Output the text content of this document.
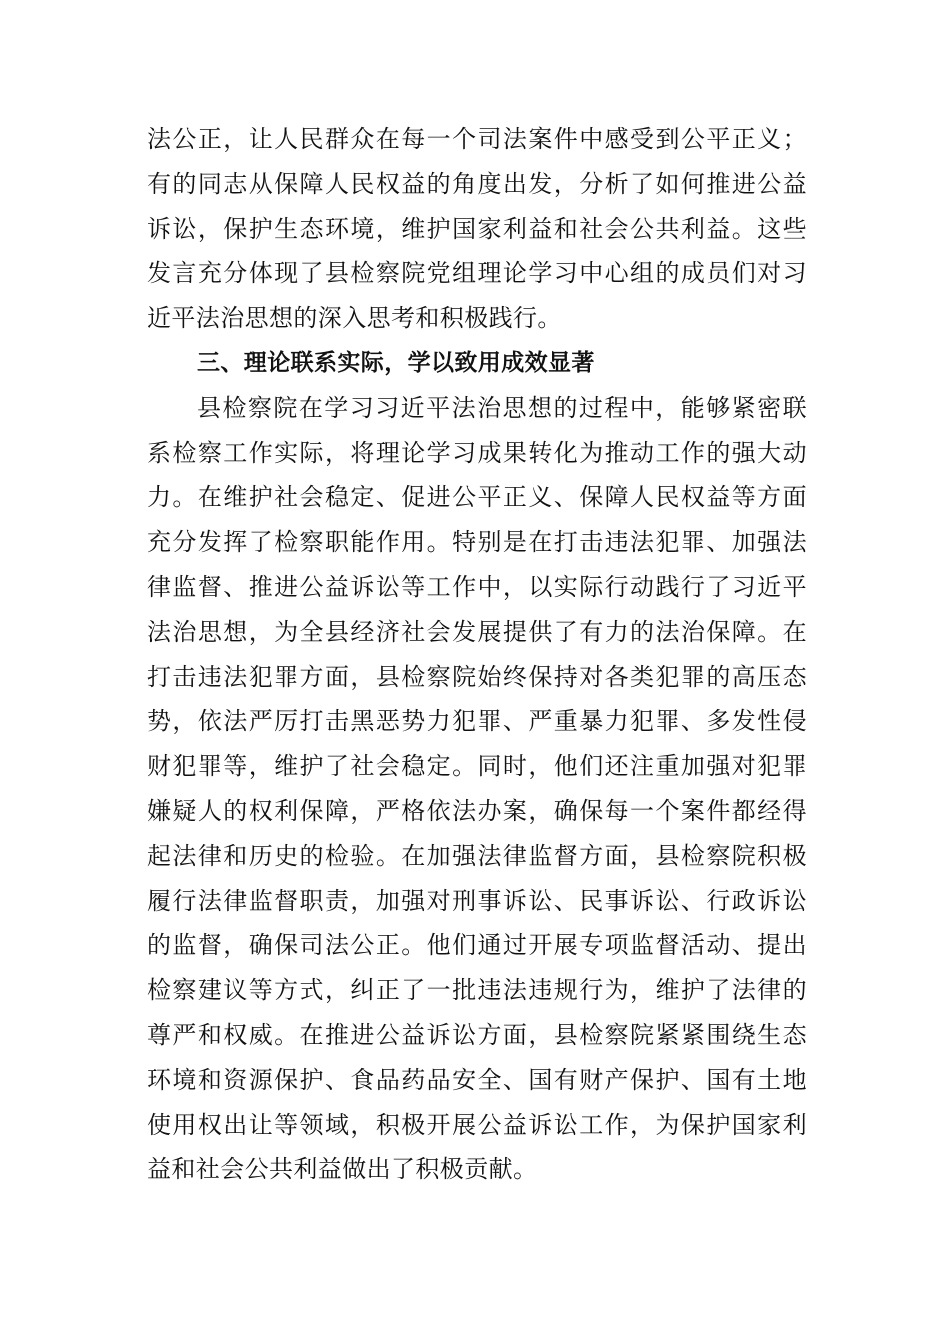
法公正，让人民群众在每一个司法案件中感受到公平正义；
有的同志从保障人民权益的角度出发，分析了如何推进公益
诉讼，保护生态环境，维护国家利益和社会公共利益。这些
发言充分体现了县检察院党组理论学习中心组的成员们对习
近平法治思想的深入思考和积极践行。
三、理论联系实际，学以致用成效显著
县检察院在学习习近平法治思想的过程中，能够紧密联
系检察工作实际，将理论学习成果转化为推动工作的强大动
力。在维护社会稳定、促进公平正义、保障人民权益等方面
充分发挥了检察职能作用。特别是在打击违法犯罪、加强法
律监督、推进公益诉讼等工作中，以实际行动践行了习近平
法治思想，为全县经济社会发展提供了有力的法治保障。在
打击违法犯罪方面，县检察院始终保持对各类犯罪的高压态
势，依法严厉打击黑恶势力犯罪、严重暴力犯罪、多发性侵
财犯罪等，维护了社会稳定。同时，他们还注重加强对犯罪
嫌疑人的权利保障，严格依法办案，确保每一个案件都经得
起法律和历史的检验。在加强法律监督方面，县检察院积极
履行法律监督职责，加强对刑事诉讼、民事诉讼、行政诉讼
的监督，确保司法公正。他们通过开展专项监督活动、提出
检察建议等方式，纠正了一批违法违规行为，维护了法律的
尊严和权威。在推进公益诉讼方面，县检察院紧紧围绕生态
环境和资源保护、食品药品安全、国有财产保护、国有土地
使用权出让等领域，积极开展公益诉讼工作，为保护国家利
益和社会公共利益做出了积极贡献。
